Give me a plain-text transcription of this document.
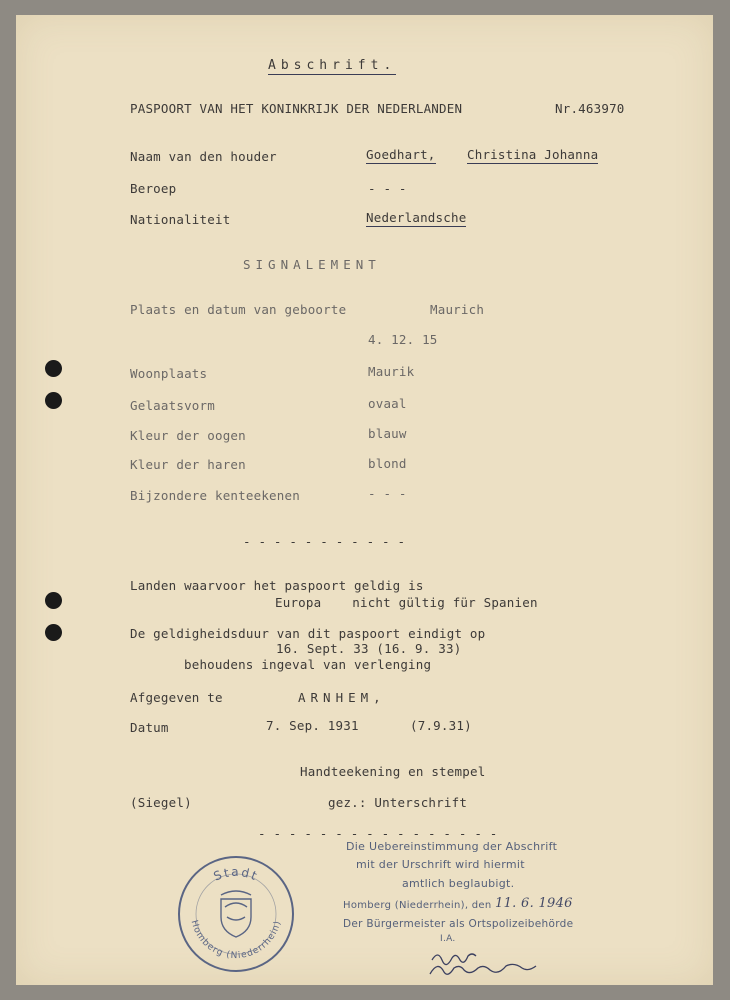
Abschrift.
PASPOORT VAN HET KONINKRIJK DER NEDERLANDEN	Nr.463970
Naam van den houder	Goedhart,	Christina Johanna
Beroep	- - -
Nationaliteit	Nederlandsche
SIGNALEMENT
Plaats en datum van geboorte	Maurich
4. 12. 15
Woonplaats	Maurik
Gelaatsvorm	ovaal
Kleur der oogen	blauw
Kleur der haren	blond
Bijzondere kenteekenen	- - -
- - - - - - - - - - -
Landen waarvoor het paspoort geldig is
Europa    nicht gültig für Spanien
De geldigheidsduur van dit paspoort eindigt op
16. Sept. 33 (16. 9. 33)
behoudens ingeval van verlenging
Afgegeven te	ARNHEM,
Datum	7. Sep. 1931	(7.9.31)
Handteekening en stempel
(Siegel)	gez.: Unterschrift
- - - - - - - - - - - - - - - -
Die Uebereinstimmung der Abschrift
mit der Urschrift wird hiermit
amtlich beglaubigt.
Homberg (Niederrhein), den 11. 6. 1946
Der Bürgermeister als Ortspolizeibehörde
I.A.
Stadt
Homberg (Niederrhein)
